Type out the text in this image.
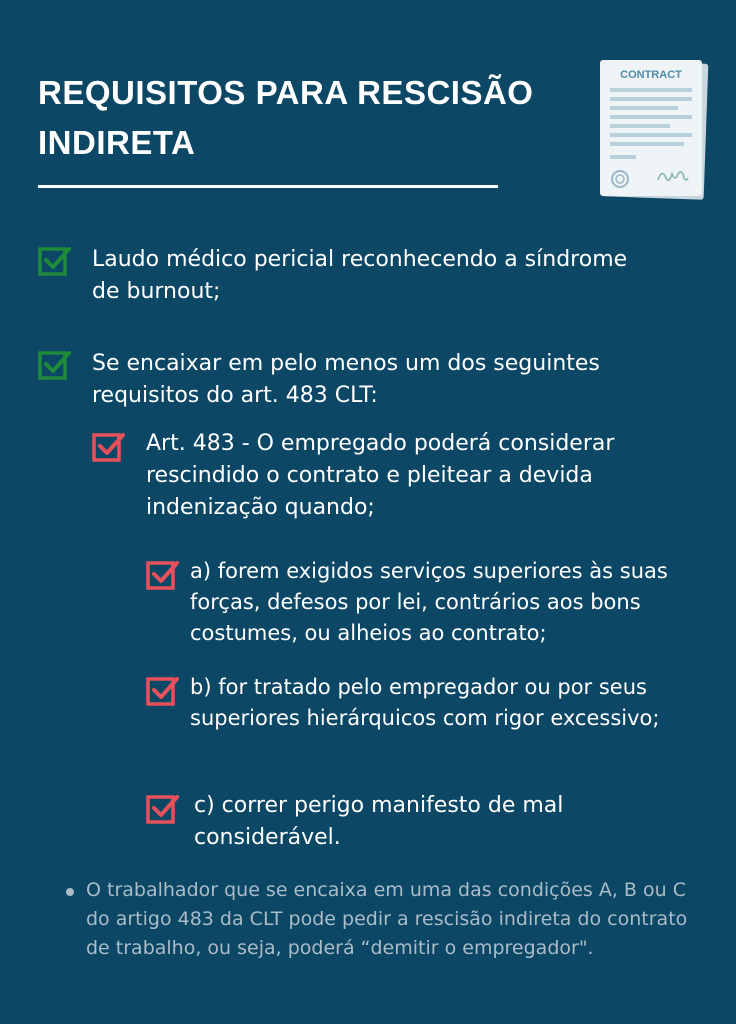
REQUISITOS PARA RESCISÃO INDIRETA
CONTRACT
Laudo médico pericial reconhecendo a síndrome de burnout;
Se encaixar em pelo menos um dos seguintes requisitos do art. 483 CLT:
Art. 483 - O empregado poderá considerar rescindido o contrato e pleitear a devida indenização quando;
a) forem exigidos serviços superiores às suas forças, defesos por lei, contrários aos bons costumes, ou alheios ao contrato;
b) for tratado pelo empregador ou por seus superiores hierárquicos com rigor excessivo;
c) correr perigo manifesto de mal considerável.
O trabalhador que se encaixa em uma das condições A, B ou C do artigo 483 da CLT pode pedir a rescisão indireta do contrato de trabalho, ou seja, poderá “demitir o empregador".
